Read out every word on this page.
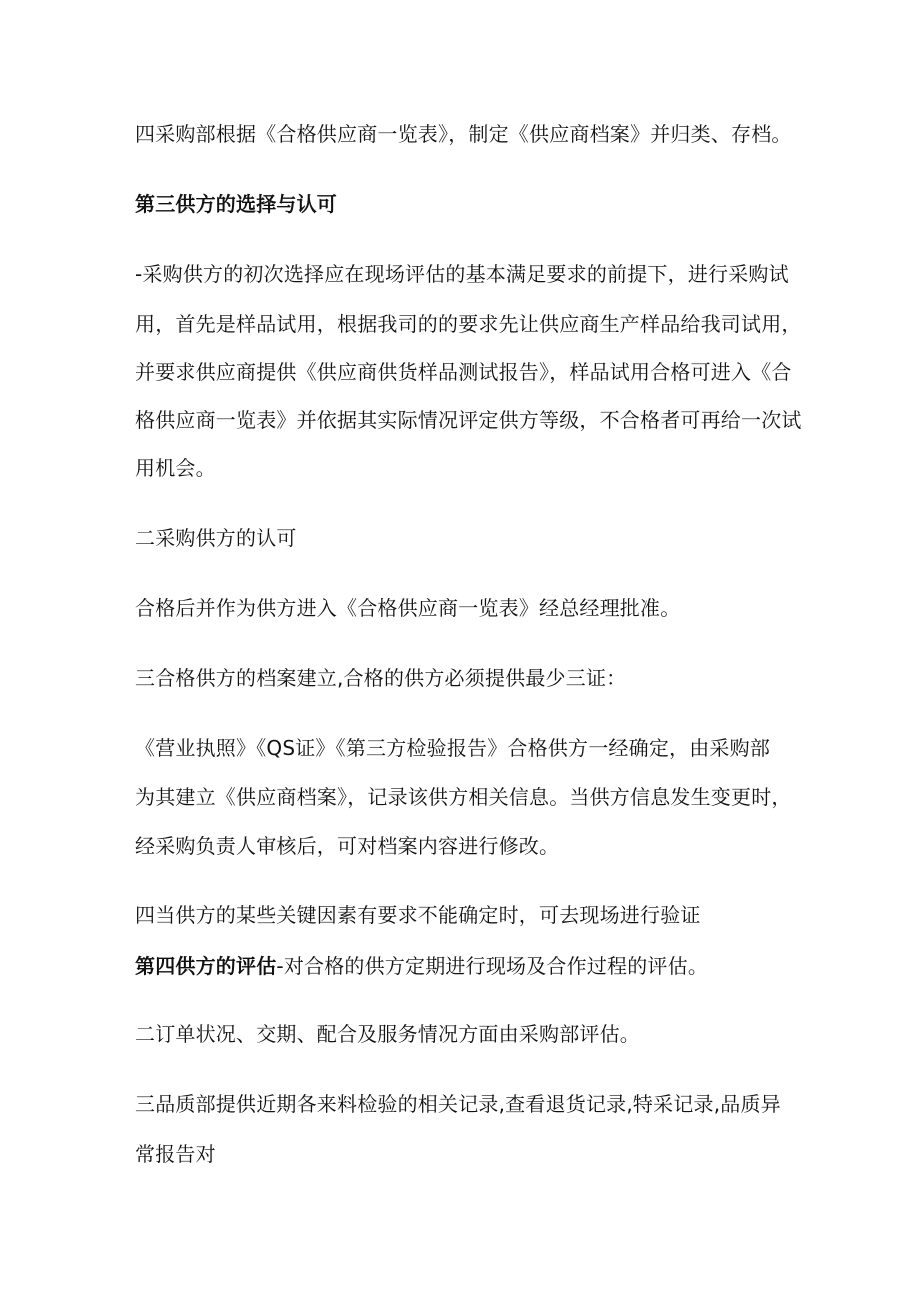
四采购部根据《合格供应商一览表》，制定《供应商档案》并归类、存档。
第三供方的选择与认可
-采购供方的初次选择应在现场评估的基本满足要求的前提下，进行采购试
用，首先是样品试用，根据我司的的要求先让供应商生产样品给我司试用，
并要求供应商提供《供应商供货样品测试报告》，样品试用合格可进入《合
格供应商一览表》并依据其实际情况评定供方等级，不合格者可再给一次试
用机会。
二采购供方的认可
合格后并作为供方进入《合格供应商一览表》经总经理批准。
三合格供方的档案建立,合格的供方必须提供最少三证：
《营业执照》《QS证》《第三方检验报告》合格供方一经确定，由采购部
为其建立《供应商档案》，记录该供方相关信息。当供方信息发生变更时，
经采购负责人审核后，可对档案内容进行修改。
四当供方的某些关键因素有要求不能确定时，可去现场进行验证
第四供方的评估-对合格的供方定期进行现场及合作过程的评估。
二订单状况、交期、配合及服务情况方面由采购部评估。
三品质部提供近期各来料检验的相关记录,查看退货记录,特采记录,品质异
常报告对
